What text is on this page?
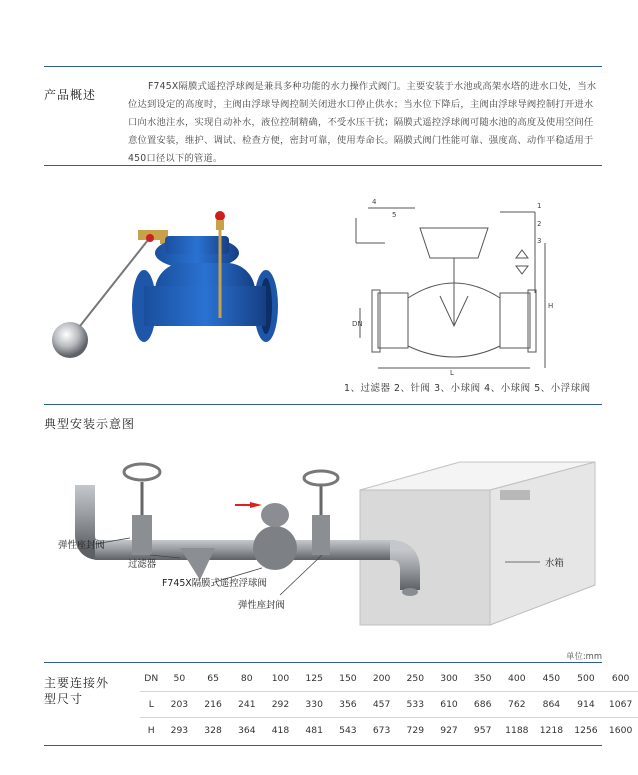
产品概述
F745X隔膜式遥控浮球阀是兼具多种功能的水力操作式阀门。主要安装于水池或高架水塔的进水口处，当水位达到设定的高度时，主阀由浮球导阀控制关闭进水口停止供水；当水位下降后，主阀由浮球导阀控制打开进水口向水池注水，实现自动补水，液位控制精确，不受水压干扰；隔膜式遥控浮球阀可随水池的高度及使用空间任意位置安装，维护、调试、检查方便，密封可靠，使用寿命长。隔膜式阀门性能可靠、强度高、动作平稳适用于450口径以下的管道。
1
2
3
4
5
L
DN
H
1、过滤器 2、针阀 3、小球阀 4、小球阀 5、小浮球阀
典型安装示意图
弹性座封阀
过滤器
F745X隔膜式遥控浮球阀
弹性座封阀
水箱
单位:mm
主要连接外型尺寸
DN	50	65	80	100	125	150	200	250	300	350	400	450	500	600
L	203	216	241	292	330	356	457	533	610	686	762	864	914	1067
H	293	328	364	418	481	543	673	729	927	957	1188	1218	1256	1600
